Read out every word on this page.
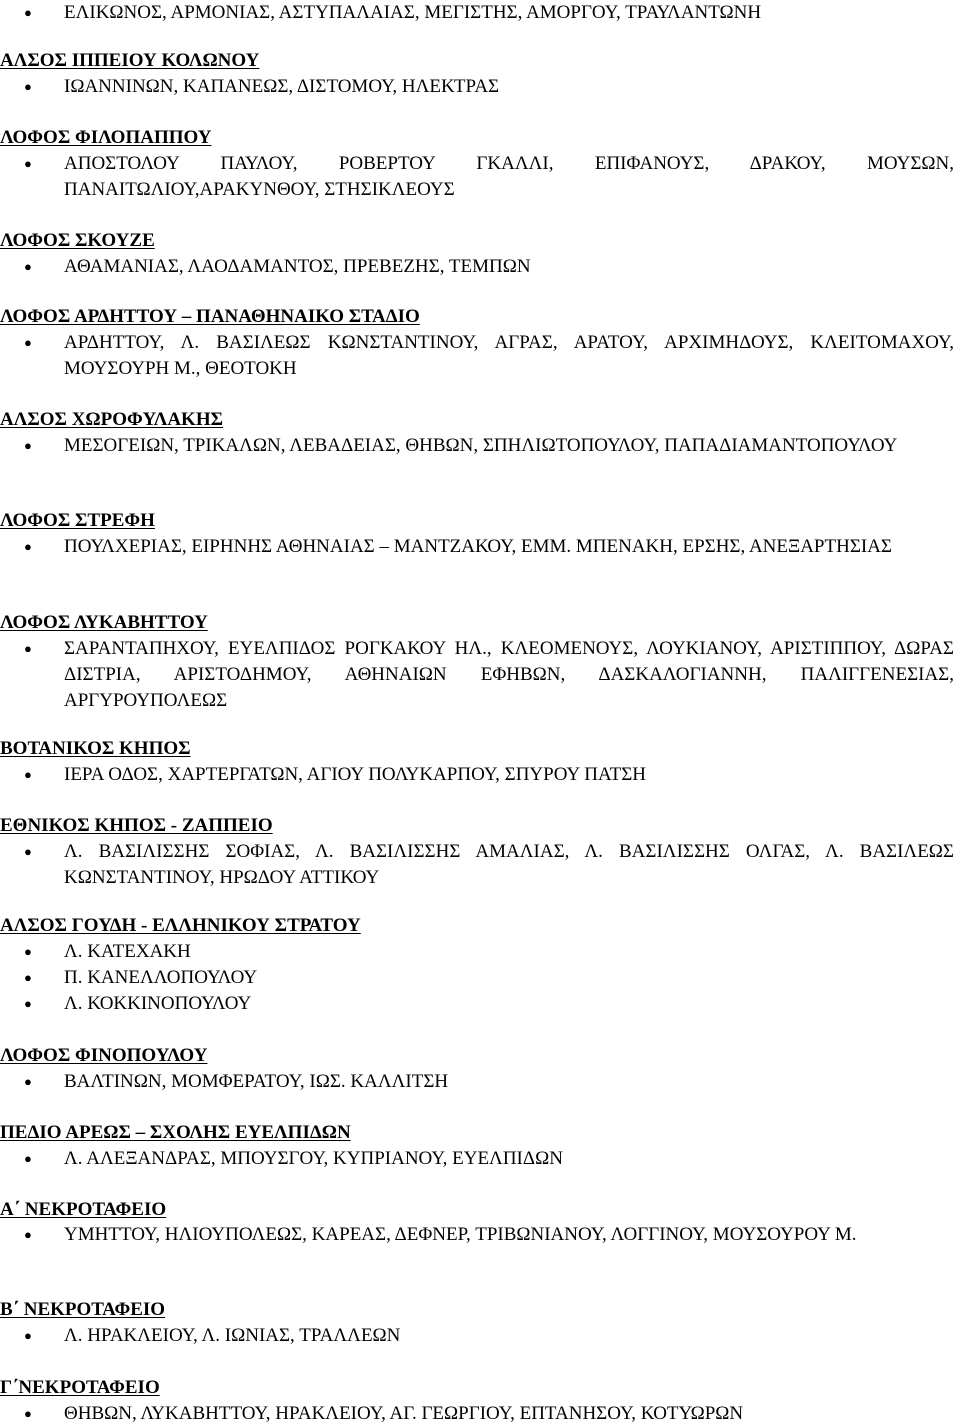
● ΕΛΙΚΩΝΟΣ, ΑΡΜΟΝΙΑΣ, ΑΣΤΥΠΑΛΑΙΑΣ, ΜΕΓΙΣΤΗΣ, ΑΜΟΡΓΟΥ, ΤΡΑΥΛΑΝΤΩΝΗ
ΑΛΣΟΣ ΙΠΠΕΙΟΥ ΚΟΛΩΝΟΥ
● ΙΩΑΝΝΙΝΩΝ, ΚΑΠΑΝΕΩΣ, ΔΙΣΤΟΜΟΥ, ΗΛΕΚΤΡΑΣ
ΛΟΦΟΣ ΦΙΛΟΠΑΠΠΟΥ
● ΑΠΟΣΤΟΛΟΥ ΠΑΥΛΟΥ, ΡΟΒΕΡΤΟΥ ΓΚΑΛΛΙ, ΕΠΙΦΑΝΟΥΣ, ΔΡΑΚΟΥ, ΜΟΥΣΩΝ, ΠΑΝΑΙΤΩΛΙΟΥ,ΑΡΑΚΥΝΘΟΥ, ΣΤΗΣΙΚΛΕΟΥΣ
ΛΟΦΟΣ ΣΚΟΥΖΕ
● ΑΘΑΜΑΝΙΑΣ, ΛΑΟΔΑΜΑΝΤΟΣ, ΠΡΕΒΕΖΗΣ, ΤΕΜΠΩΝ
ΛΟΦΟΣ ΑΡΔΗΤΤΟΥ – ΠΑΝΑΘΗΝΑΙΚΟ ΣΤΑΔΙΟ
● ΑΡΔΗΤΤΟΥ, Λ. ΒΑΣΙΛΕΩΣ ΚΩΝΣΤΑΝΤΙΝΟΥ, ΑΓΡΑΣ, ΑΡΑΤΟΥ, ΑΡΧΙΜΗΔΟΥΣ, ΚΛΕΙΤΟΜΑΧΟΥ, ΜΟΥΣΟΥΡΗ Μ., ΘΕΟΤΟΚΗ
ΑΛΣΟΣ ΧΩΡΟΦΥΛΑΚΗΣ
● ΜΕΣΟΓΕΙΩΝ, ΤΡΙΚΑΛΩΝ, ΛΕΒΑΔΕΙΑΣ, ΘΗΒΩΝ, ΣΠΗΛΙΩΤΟΠΟΥΛΟΥ, ΠΑΠΑΔΙΑΜΑΝΤΟΠΟΥΛΟΥ
ΛΟΦΟΣ ΣΤΡΕΦΗ
● ΠΟΥΛΧΕΡΙΑΣ, ΕΙΡΗΝΗΣ ΑΘΗΝΑΙΑΣ – ΜΑΝΤΖΑΚΟΥ, ΕΜΜ. ΜΠΕΝΑΚΗ, ΕΡΣΗΣ, ΑΝΕΞΑΡΤΗΣΙΑΣ
ΛΟΦΟΣ ΛΥΚΑΒΗΤΤΟΥ
● ΣΑΡΑΝΤΑΠΗΧΟΥ, ΕΥΕΛΠΙΔΟΣ ΡΟΓΚΑΚΟΥ ΗΛ., ΚΛΕΟΜΕΝΟΥΣ, ΛΟΥΚΙΑΝΟΥ, ΑΡΙΣΤΙΠΠΟΥ, ΔΩΡΑΣ ΔΙΣΤΡΙΑ, ΑΡΙΣΤΟΔΗΜΟΥ, ΑΘΗΝΑΙΩΝ ΕΦΗΒΩΝ, ΔΑΣΚΑΛΟΓΙΑΝΝΗ, ΠΑΛΙΓΓΕΝΕΣΙΑΣ, ΑΡΓΥΡΟΥΠΟΛΕΩΣ
ΒΟΤΑΝΙΚΟΣ ΚΗΠΟΣ
● ΙΕΡΑ ΟΔΟΣ, ΧΑΡΤΕΡΓΑΤΩΝ, ΑΓΙΟΥ ΠΟΛΥΚΑΡΠΟΥ, ΣΠΥΡΟΥ ΠΑΤΣΗ
ΕΘΝΙΚΟΣ ΚΗΠΟΣ - ΖΑΠΠΕΙΟ
● Λ. ΒΑΣΙΛΙΣΣΗΣ ΣΟΦΙΑΣ, Λ. ΒΑΣΙΛΙΣΣΗΣ ΑΜΑΛΙΑΣ, Λ. ΒΑΣΙΛΙΣΣΗΣ ΟΛΓΑΣ, Λ. ΒΑΣΙΛΕΩΣ ΚΩΝΣΤΑΝΤΙΝΟΥ, ΗΡΩΔΟΥ ΑΤΤΙΚΟΥ
ΑΛΣΟΣ ΓΟΥΔΗ - ΕΛΛΗΝΙΚΟΥ ΣΤΡΑΤΟΥ
● Λ. ΚΑΤΕΧΑΚΗ
● Π. ΚΑΝΕΛΛΟΠΟΥΛΟΥ
● Λ. ΚΟΚΚΙΝΟΠΟΥΛΟΥ
ΛΟΦΟΣ ΦΙΝΟΠΟΥΛΟΥ
● ΒΑΛΤΙΝΩΝ, ΜΟΜΦΕΡΑΤΟΥ, ΙΩΣ. ΚΑΛΛΙΤΣΗ
ΠΕΔΙΟ ΑΡΕΩΣ – ΣΧΟΛΗΣ ΕΥΕΛΠΙΔΩΝ
● Λ. ΑΛΕΞΑΝΔΡΑΣ, ΜΠΟΥΣΓΟΥ, ΚΥΠΡΙΑΝΟΥ, ΕΥΕΛΠΙΔΩΝ
Α΄ ΝΕΚΡΟΤΑΦΕΙΟ
● ΥΜΗΤΤΟΥ, ΗΛΙΟΥΠΟΛΕΩΣ, ΚΑΡΕΑΣ, ΔΕΦΝΕΡ, ΤΡΙΒΩΝΙΑΝΟΥ, ΛΟΓΓΙΝΟΥ, ΜΟΥΣΟΥΡΟΥ Μ.
Β΄ ΝΕΚΡΟΤΑΦΕΙΟ
● Λ. ΗΡΑΚΛΕΙΟΥ, Λ. ΙΩΝΙΑΣ, ΤΡΑΛΛΕΩΝ
Γ΄ΝΕΚΡΟΤΑΦΕΙΟ
● ΘΗΒΩΝ, ΛΥΚΑΒΗΤΤΟΥ, ΗΡΑΚΛΕΙΟΥ, ΑΓ. ΓΕΩΡΓΙΟΥ, ΕΠΤΑΝΗΣΟΥ, ΚΟΤΥΩΡΩΝ
